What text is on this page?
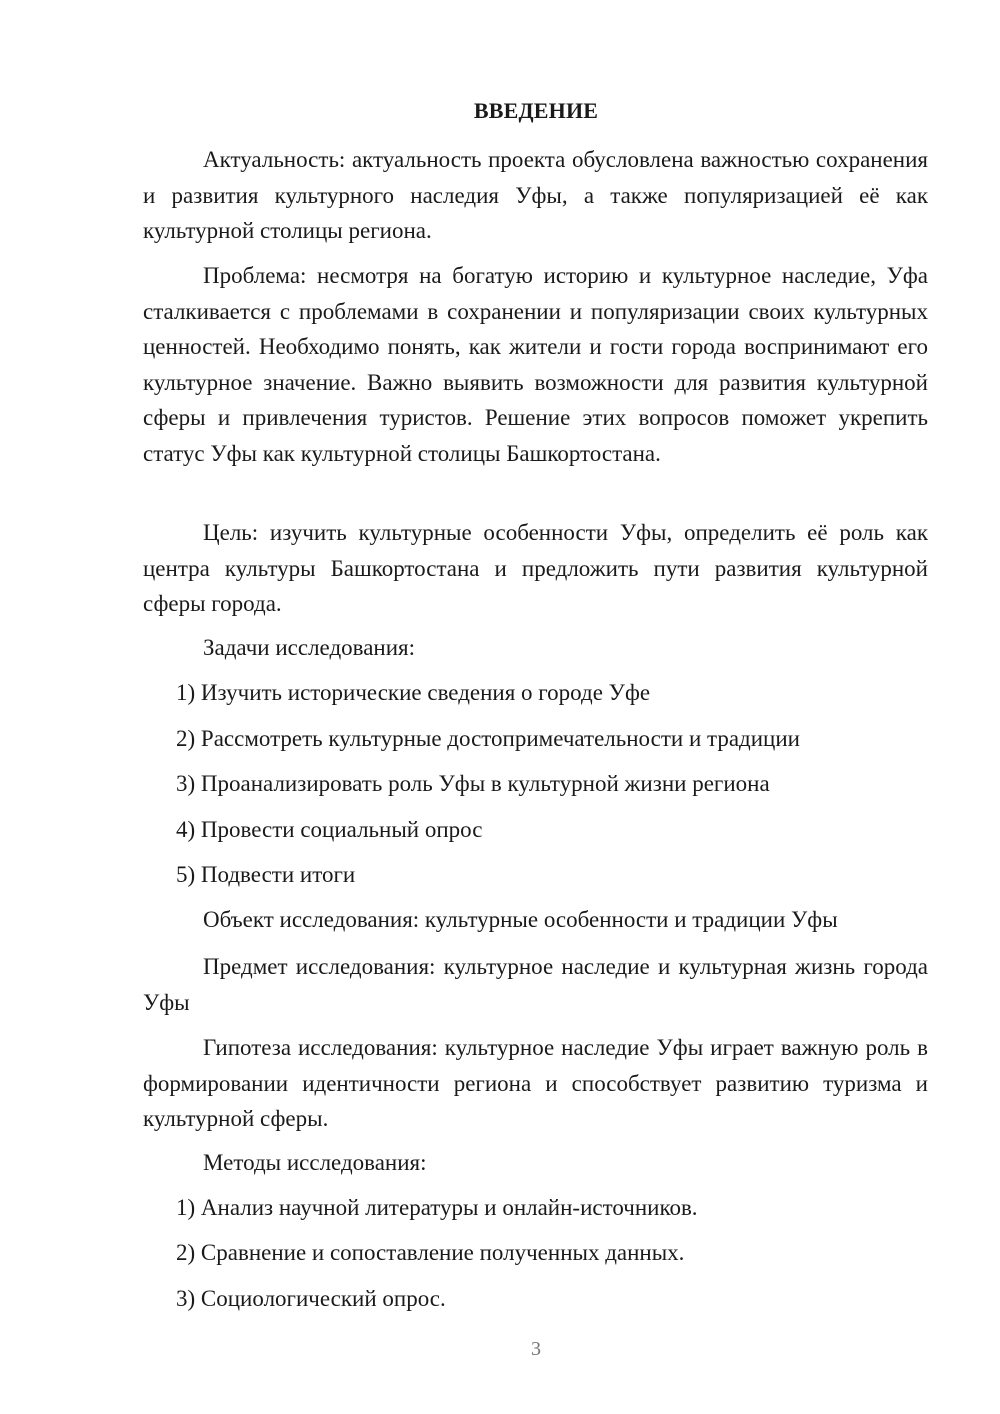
ВВЕДЕНИЕ

Актуальность: актуальность проекта обусловлена важностью сохранения и развития культурного наследия Уфы, а также популяризацией её как культурной столицы региона.

Проблема: несмотря на богатую историю и культурное наследие, Уфа сталкивается с проблемами в сохранении и популяризации своих культурных ценностей. Необходимо понять, как жители и гости города воспринимают его культурное значение. Важно выявить возможности для развития культурной сферы и привлечения туристов. Решение этих вопросов поможет укрепить статус Уфы как культурной столицы Башкортостана.

Цель: изучить культурные особенности Уфы, определить её роль как центра культуры Башкортостана и предложить пути развития культурной сферы города.

Задачи исследования:
1) Изучить исторические сведения о городе Уфе
2) Рассмотреть культурные достопримечательности и традиции
3) Проанализировать роль Уфы в культурной жизни региона
4) Провести социальный опрос
5) Подвести итоги
Объект исследования: культурные особенности и традиции Уфы

Предмет исследования: культурное наследие и культурная жизнь города Уфы

Гипотеза исследования: культурное наследие Уфы играет важную роль в формировании идентичности региона и способствует развитию туризма и культурной сферы.

Методы исследования:
1) Анализ научной литературы и онлайн-источников.
2) Сравнение и сопоставление полученных данных.
3) Социологический опрос.
3
